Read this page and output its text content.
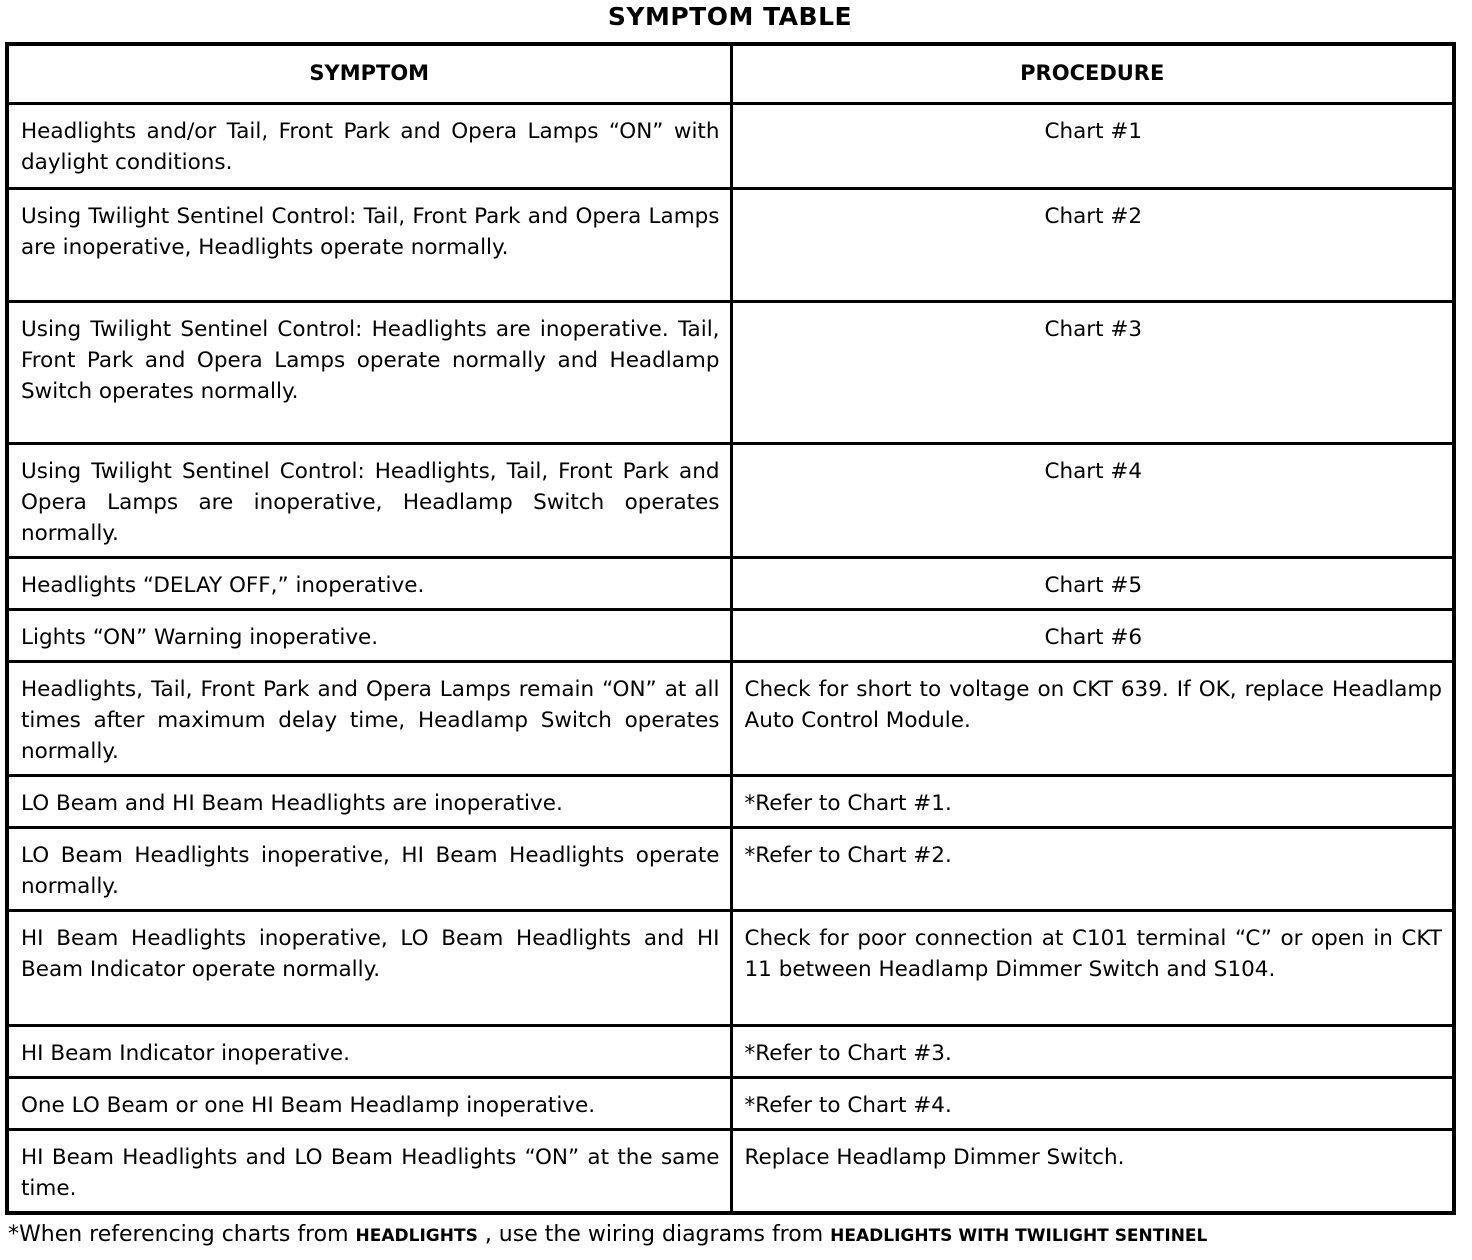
SYMPTOM TABLE
SYMPTOM	PROCEDURE
Headlights and/or Tail, Front Park and Opera Lamps “ON” with daylight conditions.	Chart #1
Using Twilight Sentinel Control: Tail, Front Park and Opera Lamps are inoperative, Headlights operate normally.	Chart #2
Using Twilight Sentinel Control: Headlights are inoperative. Tail, Front Park and Opera Lamps operate normally and Headlamp Switch operates normally.	Chart #3
Using Twilight Sentinel Control: Headlights, Tail, Front Park and Opera Lamps are inoperative, Headlamp Switch operates normally.	Chart #4
Headlights “DELAY OFF,” inoperative.	Chart #5
Lights “ON” Warning inoperative.	Chart #6
Headlights, Tail, Front Park and Opera Lamps remain “ON” at all times after maximum delay time, Headlamp Switch operates normally.	Check for short to voltage on CKT 639. If OK, replace Headlamp Auto Control Module.
LO Beam and HI Beam Headlights are inoperative.	*Refer to Chart #1.
LO Beam Headlights inoperative, HI Beam Headlights operate normally.	*Refer to Chart #2.
HI Beam Headlights inoperative, LO Beam Headlights and HI Beam Indicator operate normally.	Check for poor connection at C101 terminal “C” or open in CKT 11 between Headlamp Dimmer Switch and S104.
HI Beam Indicator inoperative.	*Refer to Chart #3.
One LO Beam or one HI Beam Headlamp inoperative.	*Refer to Chart #4.
HI Beam Headlights and LO Beam Headlights “ON” at the same time.	Replace Headlamp Dimmer Switch.
*When referencing charts from HEADLIGHTS , use the wiring diagrams from HEADLIGHTS WITH TWILIGHT SENTINEL
